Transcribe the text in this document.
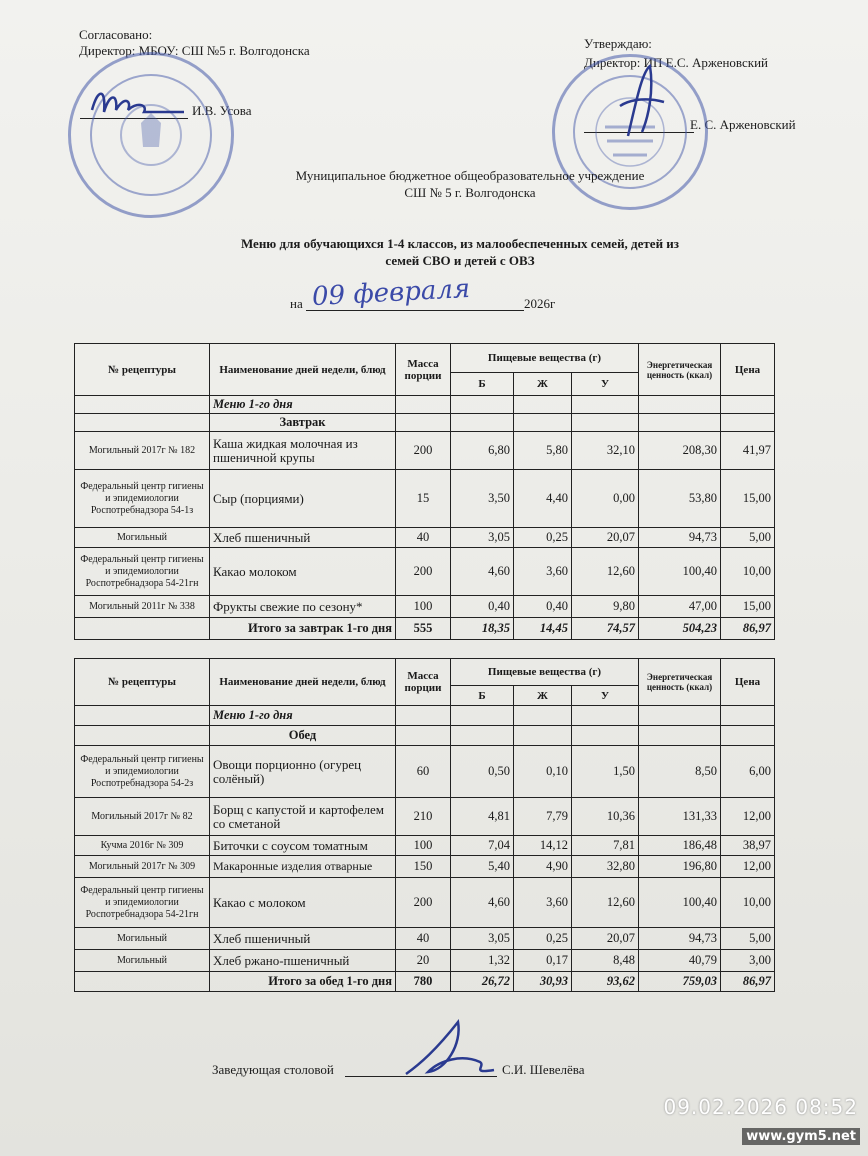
Согласовано:
Директор: МБОУ: СШ №5 г. Волгодонска
И.В. Усова
Утверждаю:
Директор: ИП Е.С. Арженовский
Е. С. Арженовский
Муниципальное бюджетное общеобразовательное учреждение
СШ № 5 г. Волгодонска
Меню для обучающихся 1-4 классов, из малообеспеченных семей, детей из
семей СВО и детей с ОВЗ
на 09 февраля	2026г
№ рецептуры	Наименование дней недели, блюд	Масса порции	Пищевые вещества (г)			Энергетическая ценность (ккал)	Цена
			Б	Ж	У		
	Меню 1-го дня						
	Завтрак						
Могильный 2017г № 182	Каша жидкая молочная из пшеничной крупы	200	6,80	5,80	32,10	208,30	41,97
Федеральный центр гигиены и эпидемиологии Роспотребнадзора 54-1з	Сыр (порциями)	15	3,50	4,40	0,00	53,80	15,00
Могильный	Хлеб пшеничный	40	3,05	0,25	20,07	94,73	5,00
Федеральный центр гигиены и эпидемиологии Роспотребнадзора 54-21гн	Какао молоком	200	4,60	3,60	12,60	100,40	10,00
Могильный 2011г № 338	Фрукты свежие по сезону*	100	0,40	0,40	9,80	47,00	15,00
	Итого за завтрак 1-го дня	555	18,35	14,45	74,57	504,23	86,97
№ рецептуры	Наименование дней недели, блюд	Масса порции	Пищевые вещества (г)			Энергетическая ценность (ккал)	Цена
			Б	Ж	У		
	Меню 1-го дня						
	Обед						
Федеральный центр гигиены и эпидемиологии Роспотребнадзора 54-2з	Овощи порционно (огурец солёный)	60	0,50	0,10	1,50	8,50	6,00
Могильный 2017г № 82	Борщ с капустой и картофелем со сметаной	210	4,81	7,79	10,36	131,33	12,00
Кучма 2016г № 309	Биточки с соусом томатным	100	7,04	14,12	7,81	186,48	38,97
Могильный 2017г № 309	Макаронные изделия отварные	150	5,40	4,90	32,80	196,80	12,00
Федеральный центр гигиены и эпидемиологии Роспотребнадзора 54-21гн	Какао с молоком	200	4,60	3,60	12,60	100,40	10,00
Могильный	Хлеб пшеничный	40	3,05	0,25	20,07	94,73	5,00
Могильный	Хлеб ржано-пшеничный	20	1,32	0,17	8,48	40,79	3,00
	Итого за обед 1-го дня	780	26,72	30,93	93,62	759,03	86,97
Заведующая столовой	С.И. Шевелёва
09.02.2026 08:52
www.gym5.net
